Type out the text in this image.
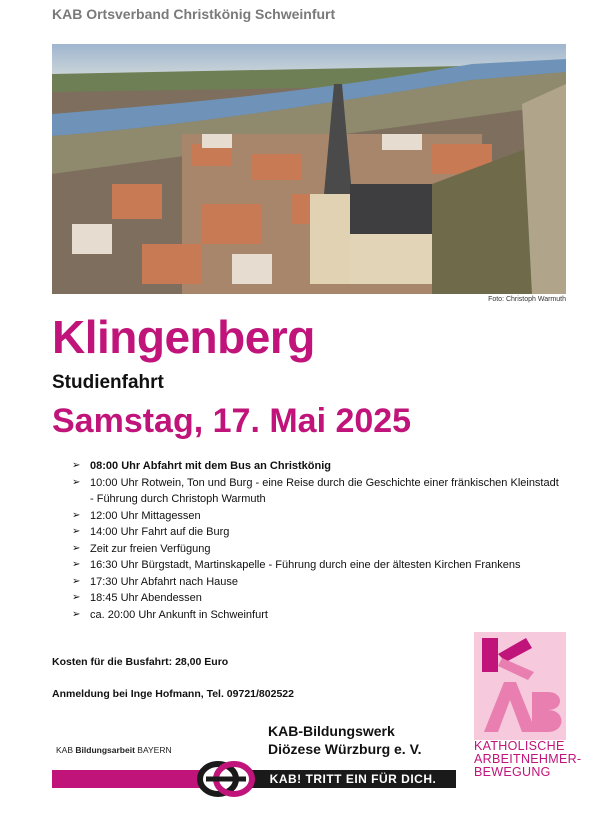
KAB Ortsverband Christkönig Schweinfurt
Foto: Christoph Warmuth
Klingenberg
Studienfahrt
Samstag, 17. Mai 2025
➢ 08:00 Uhr Abfahrt mit dem Bus an Christkönig
➢ 10:00 Uhr Rotwein, Ton und Burg - eine Reise durch die Geschichte einer fränkischen Kleinstadt - Führung durch Christoph Warmuth
➢ 12:00 Uhr Mittagessen
➢ 14:00 Uhr Fahrt auf die Burg
➢ Zeit zur freien Verfügung
➢ 16:30 Uhr Bürgstadt, Martinskapelle - Führung durch eine der ältesten Kirchen Frankens
➢ 17:30 Uhr Abfahrt nach Hause
➢ 18:45 Uhr Abendessen
➢ ca. 20:00 Uhr Ankunft in Schweinfurt
Kosten für die Busfahrt: 28,00 Euro
Anmeldung bei Inge Hofmann, Tel. 09721/802522
KAB-Bildungswerk
Diözese Würzburg e. V.
KAB Bildungsarbeit BAYERN
KAB! TRITT EIN FÜR DICH.
KATHOLISCHE
ARBEITNEHMER-
BEWEGUNG
